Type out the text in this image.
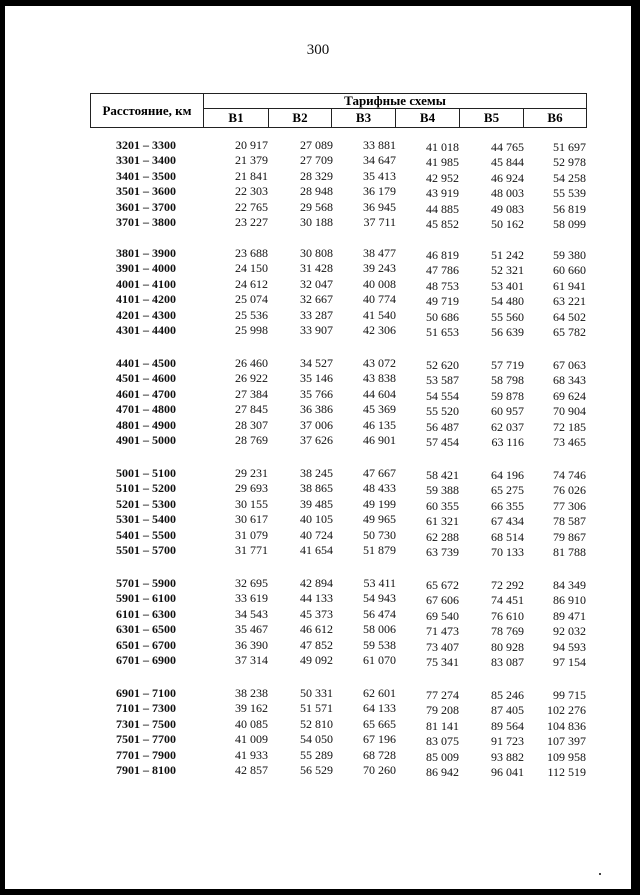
300
Расстояние, км
Тарифные схемы
В1	В2	В3	В4	В5	В6
3201 – 3300	20 917	27 089	33 881	41 018	44 765	51 697
3301 – 3400	21 379	27 709	34 647	41 985	45 844	52 978
3401 – 3500	21 841	28 329	35 413	42 952	46 924	54 258
3501 – 3600	22 303	28 948	36 179	43 919	48 003	55 539
3601 – 3700	22 765	29 568	36 945	44 885	49 083	56 819
3701 – 3800	23 227	30 188	37 711	45 852	50 162	58 099
3801 – 3900	23 688	30 808	38 477	46 819	51 242	59 380
3901 – 4000	24 150	31 428	39 243	47 786	52 321	60 660
4001 – 4100	24 612	32 047	40 008	48 753	53 401	61 941
4101 – 4200	25 074	32 667	40 774	49 719	54 480	63 221
4201 – 4300	25 536	33 287	41 540	50 686	55 560	64 502
4301 – 4400	25 998	33 907	42 306	51 653	56 639	65 782
4401 – 4500	26 460	34 527	43 072	52 620	57 719	67 063
4501 – 4600	26 922	35 146	43 838	53 587	58 798	68 343
4601 – 4700	27 384	35 766	44 604	54 554	59 878	69 624
4701 – 4800	27 845	36 386	45 369	55 520	60 957	70 904
4801 – 4900	28 307	37 006	46 135	56 487	62 037	72 185
4901 – 5000	28 769	37 626	46 901	57 454	63 116	73 465
5001 – 5100	29 231	38 245	47 667	58 421	64 196	74 746
5101 – 5200	29 693	38 865	48 433	59 388	65 275	76 026
5201 – 5300	30 155	39 485	49 199	60 355	66 355	77 306
5301 – 5400	30 617	40 105	49 965	61 321	67 434	78 587
5401 – 5500	31 079	40 724	50 730	62 288	68 514	79 867
5501 – 5700	31 771	41 654	51 879	63 739	70 133	81 788
5701 – 5900	32 695	42 894	53 411	65 672	72 292	84 349
5901 – 6100	33 619	44 133	54 943	67 606	74 451	86 910
6101 – 6300	34 543	45 373	56 474	69 540	76 610	89 471
6301 – 6500	35 467	46 612	58 006	71 473	78 769	92 032
6501 – 6700	36 390	47 852	59 538	73 407	80 928	94 593
6701 – 6900	37 314	49 092	61 070	75 341	83 087	97 154
6901 – 7100	38 238	50 331	62 601	77 274	85 246	99 715
7101 – 7300	39 162	51 571	64 133	79 208	87 405	102 276
7301 – 7500	40 085	52 810	65 665	81 141	89 564	104 836
7501 – 7700	41 009	54 050	67 196	83 075	91 723	107 397
7701 – 7900	41 933	55 289	68 728	85 009	93 882	109 958
7901 – 8100	42 857	56 529	70 260	86 942	96 041	112 519
